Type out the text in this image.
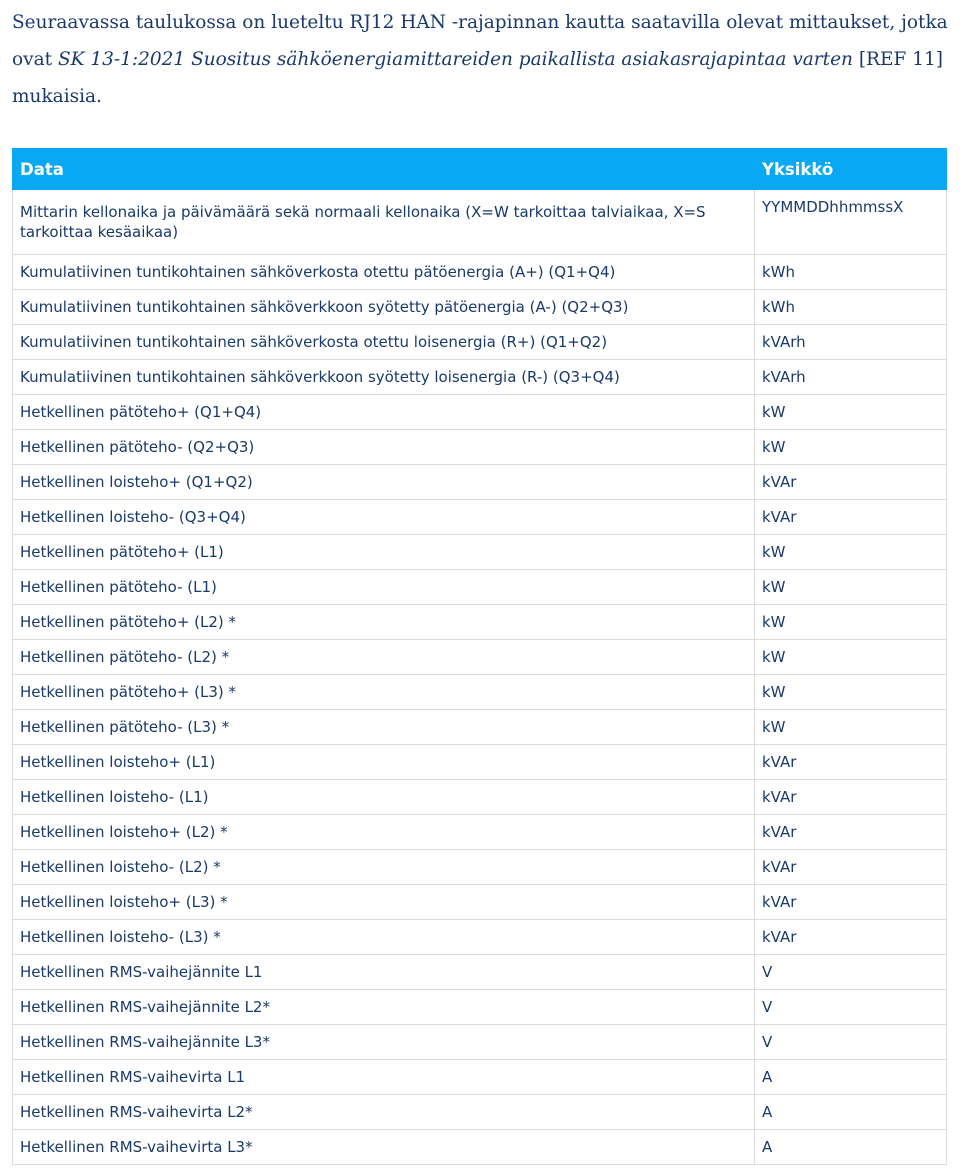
Seuraavassa taulukossa on lueteltu RJ12 HAN -rajapinnan kautta saatavilla olevat mittaukset, jotka ovat SK 13-1:2021 Suositus sähköenergiamittareiden paikallista asiakasrajapintaa varten [REF 11] mukaisia.

Data	Yksikkö
Mittarin kellonaika ja päivämäärä sekä normaali kellonaika (X=W tarkoittaa talviaikaa, X=S tarkoittaa kesäaikaa)	YYMMDDhhmmssX
Kumulatiivinen tuntikohtainen sähköverkosta otettu pätöenergia (A+) (Q1+Q4)	kWh
Kumulatiivinen tuntikohtainen sähköverkkoon syötetty pätöenergia (A-) (Q2+Q3)	kWh
Kumulatiivinen tuntikohtainen sähköverkosta otettu loisenergia (R+) (Q1+Q2)	kVArh
Kumulatiivinen tuntikohtainen sähköverkkoon syötetty loisenergia (R-) (Q3+Q4)	kVArh
Hetkellinen pätöteho+ (Q1+Q4)	kW
Hetkellinen pätöteho- (Q2+Q3)	kW
Hetkellinen loisteho+ (Q1+Q2)	kVAr
Hetkellinen loisteho- (Q3+Q4)	kVAr
Hetkellinen pätöteho+ (L1)	kW
Hetkellinen pätöteho- (L1)	kW
Hetkellinen pätöteho+ (L2) *	kW
Hetkellinen pätöteho- (L2) *	kW
Hetkellinen pätöteho+ (L3) *	kW
Hetkellinen pätöteho- (L3) *	kW
Hetkellinen loisteho+ (L1)	kVAr
Hetkellinen loisteho- (L1)	kVAr
Hetkellinen loisteho+ (L2) *	kVAr
Hetkellinen loisteho- (L2) *	kVAr
Hetkellinen loisteho+ (L3) *	kVAr
Hetkellinen loisteho- (L3) *	kVAr
Hetkellinen RMS-vaihejännite L1	V
Hetkellinen RMS-vaihejännite L2*	V
Hetkellinen RMS-vaihejännite L3*	V
Hetkellinen RMS-vaihevirta L1	A
Hetkellinen RMS-vaihevirta L2*	A
Hetkellinen RMS-vaihevirta L3*	A
